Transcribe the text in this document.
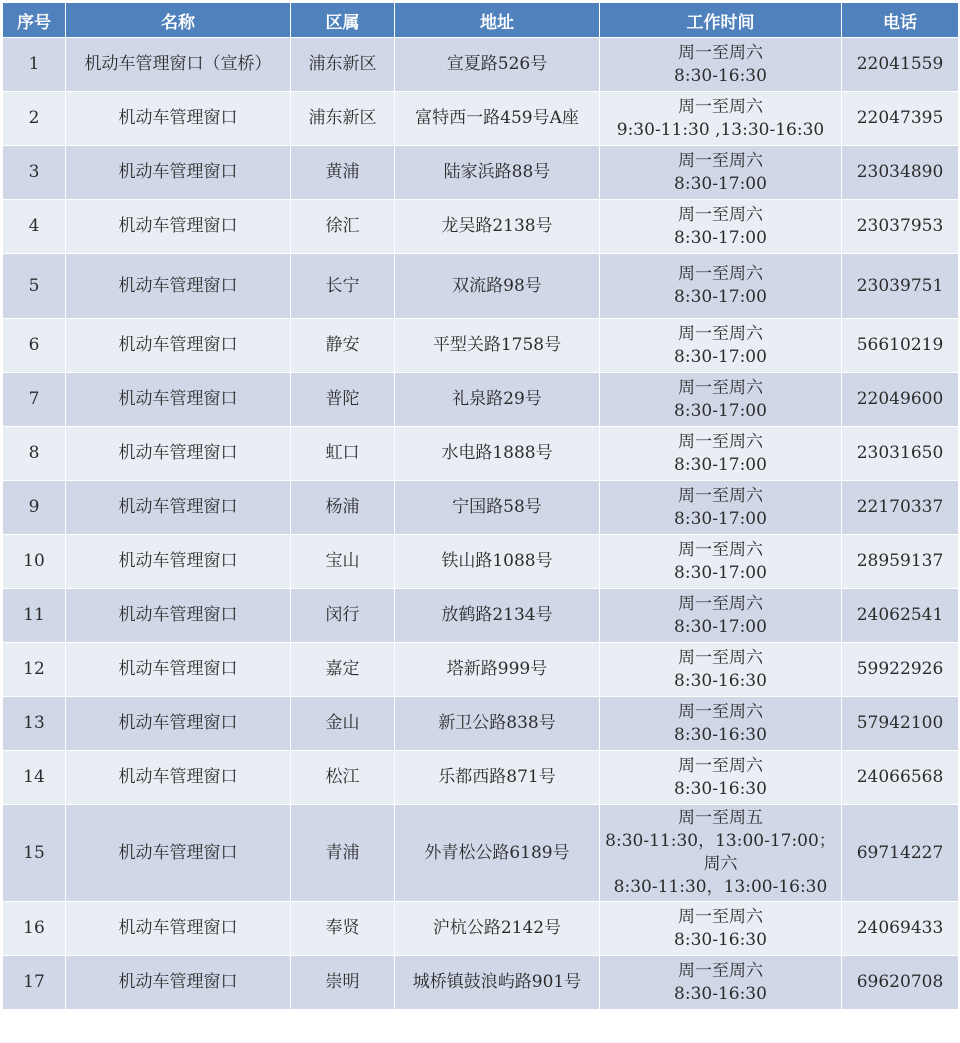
序号	名称	区属	地址	工作时间	电话
1	机动车管理窗口（宣桥）	浦东新区	宣夏路526号	周一至周六
8:30-16:30	22041559
2	机动车管理窗口	浦东新区	富特西一路459号A座	周一至周六
9:30-11:30 ,13:30-16:30	22047395
3	机动车管理窗口	黄浦	陆家浜路88号	周一至周六
8:30-17:00	23034890
4	机动车管理窗口	徐汇	龙吴路2138号	周一至周六
8:30-17:00	23037953
5	机动车管理窗口	长宁	双流路98号	周一至周六
8:30-17:00	23039751
6	机动车管理窗口	静安	平型关路1758号	周一至周六
8:30-17:00	56610219
7	机动车管理窗口	普陀	礼泉路29号	周一至周六
8:30-17:00	22049600
8	机动车管理窗口	虹口	水电路1888号	周一至周六
8:30-17:00	23031650
9	机动车管理窗口	杨浦	宁国路58号	周一至周六
8:30-17:00	22170337
10	机动车管理窗口	宝山	铁山路1088号	周一至周六
8:30-17:00	28959137
11	机动车管理窗口	闵行	放鹤路2134号	周一至周六
8:30-17:00	24062541
12	机动车管理窗口	嘉定	塔新路999号	周一至周六
8:30-16:30	59922926
13	机动车管理窗口	金山	新卫公路838号	周一至周六
8:30-16:30	57942100
14	机动车管理窗口	松江	乐都西路871号	周一至周六
8:30-16:30	24066568
15	机动车管理窗口	青浦	外青松公路6189号	周一至周五
8:30-11:30，13:00-17:00；
周六
8:30-11:30，13:00-16:30	69714227
16	机动车管理窗口	奉贤	沪杭公路2142号	周一至周六
8:30-16:30	24069433
17	机动车管理窗口	崇明	城桥镇鼓浪屿路901号	周一至周六
8:30-16:30	69620708
